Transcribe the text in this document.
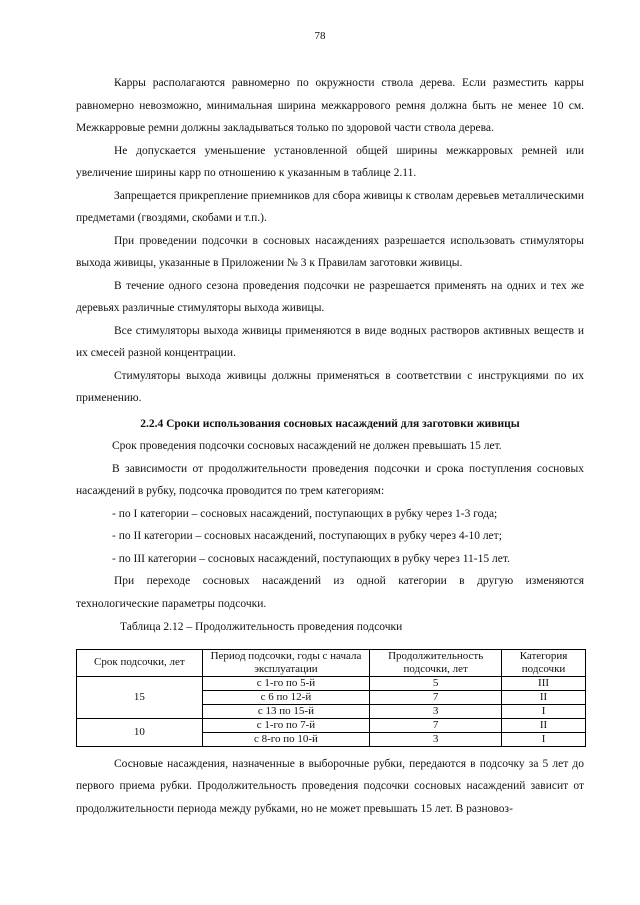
78

Карры располагаются равномерно по окружности ствола дерева. Если разместить карры равномерно невозможно, минимальная ширина межкаррового ремня должна быть не менее 10 см. Межкарровые ремни должны закладываться только по здоровой части ствола дерева.

Не допускается уменьшение установленной общей ширины межкарровых ремней или увеличение ширины карр по отношению к указанным в таблице 2.11.

Запрещается прикрепление приемников для сбора живицы к стволам деревьев металлическими предметами (гвоздями, скобами и т.п.).

При проведении подсочки в сосновых насаждениях разрешается использовать стимуляторы выхода живицы, указанные в Приложении № 3 к Правилам заготовки живицы.

В течение одного сезона проведения подсочки не разрешается применять на одних и тех же деревьях различные стимуляторы выхода живицы.

Все стимуляторы выхода живицы применяются в виде водных растворов активных веществ и их смесей разной концентрации.

Стимуляторы выхода живицы должны применяться в соответствии с инструкциями по их применению.

2.2.4 Сроки использования сосновых насаждений для заготовки живицы

Срок проведения подсочки сосновых насаждений не должен превышать 15 лет.

В зависимости от продолжительности проведения подсочки и срока поступления сосновых насаждений в рубку, подсочка проводится по трем категориям:

- по I категории – сосновых насаждений, поступающих в рубку через 1-3 года;

- по II категории – сосновых насаждений, поступающих в рубку через 4-10 лет;

- по III категории – сосновых насаждений, поступающих в рубку через 11-15 лет.

При переходе сосновых насаждений из одной категории в другую изменяются технологические параметры подсочки.

Таблица 2.12 – Продолжительность проведения подсочки

Срок подсочки, лет	Период подсочки, годы с начала эксплуатации	Продолжительность подсочки, лет	Категория подсочки
15	с 1-го по 5-й	5	III
	с 6 по 12-й	7	II
	с 13 по 15-й	3	I
10	с 1-го по 7-й	7	II
	с 8-го по 10-й	3	I

Сосновые насаждения, назначенные в выборочные рубки, передаются в подсочку за 5 лет до первого приема рубки. Продолжительность проведения подсочки сосновых насаждений зависит от продолжительности периода между рубками, но не может превышать 15 лет. В разновоз-
